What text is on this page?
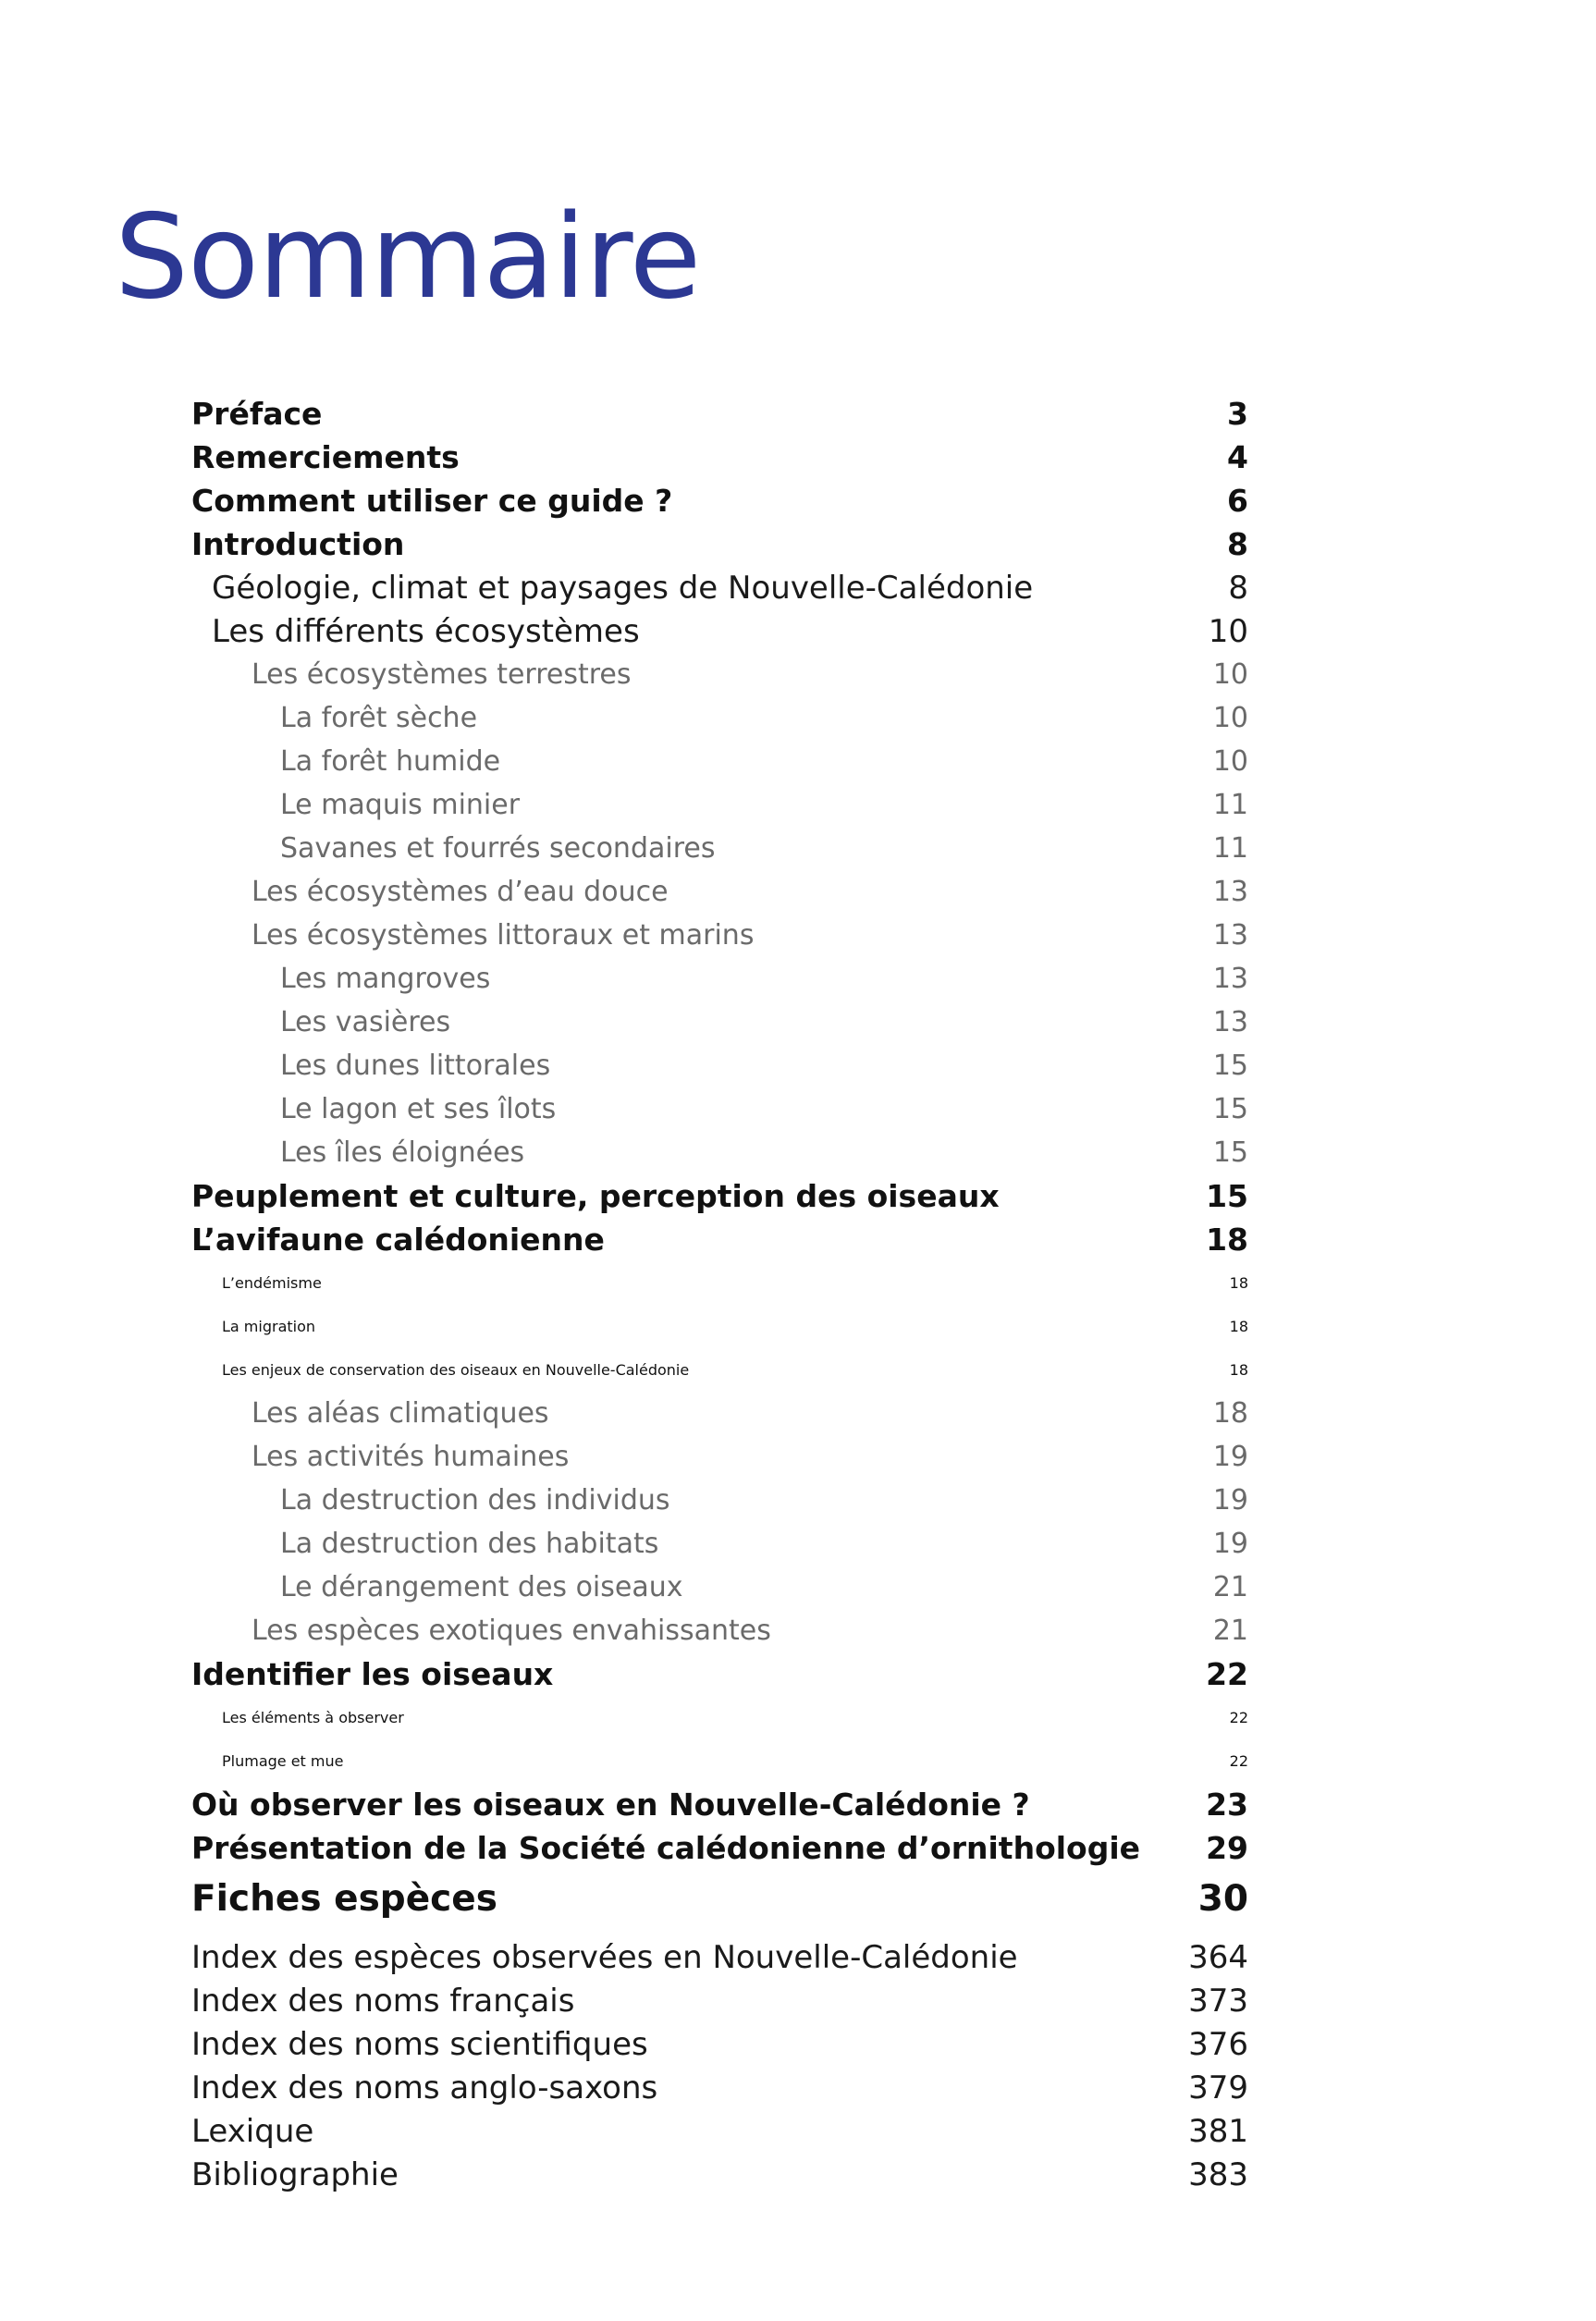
Sommaire
Préface	3
Remerciements	4
Comment utiliser ce guide ?	6
Introduction	8
Géologie, climat et paysages de Nouvelle-Calédonie	8
Les différents écosystèmes	10
Les écosystèmes terrestres	10
La forêt sèche	10
La forêt humide	10
Le maquis minier	11
Savanes et fourrés secondaires	11
Les écosystèmes d’eau douce	13
Les écosystèmes littoraux et marins	13
Les mangroves	13
Les vasières	13
Les dunes littorales	15
Le lagon et ses îlots	15
Les îles éloignées	15
Peuplement et culture, perception des oiseaux	15
L’avifaune calédonienne	18
L’endémisme	18
La migration	18
Les enjeux de conservation des oiseaux en Nouvelle-Calédonie	18
Les aléas climatiques	18
Les activités humaines	19
La destruction des individus	19
La destruction des habitats	19
Le dérangement des oiseaux	21
Les espèces exotiques envahissantes	21
Identifier les oiseaux	22
Les éléments à observer	22
Plumage et mue	22
Où observer les oiseaux en Nouvelle-Calédonie ?	23
Présentation de la Société calédonienne d’ornithologie 29
Fiches espèces	30
Index des espèces observées en Nouvelle-Calédonie	364
Index des noms français	373
Index des noms scientifiques	376
Index des noms anglo-saxons	379
Lexique	381
Bibliographie	383
